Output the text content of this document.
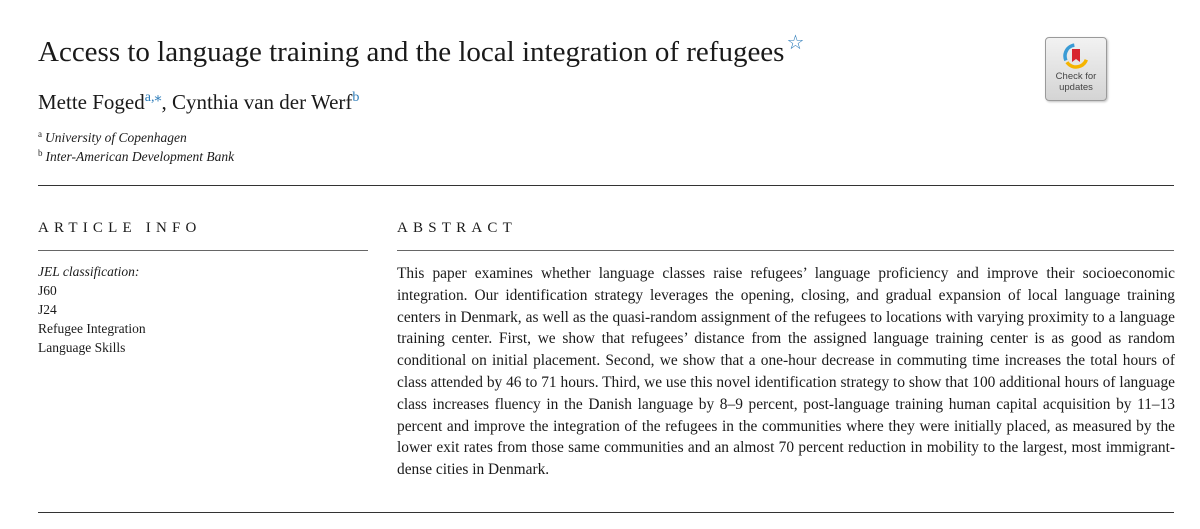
Access to language training and the local integration of refugees ☆
Mette Foged$^{a,⁎}$, Cynthia van der Werf$^b$
$^a$ University of Copenhagen
$^b$ Inter-American Development Bank
Check for
updates
ARTICLE INFO	ABSTRACT
JEL classification:
J60
J24
Refugee Integration
Language Skills

This paper examines whether language classes raise refugees’ language proficiency and improve their socioeconomic integration. Our identification strategy leverages the opening, closing, and gradual expansion of local language training centers in Denmark, as well as the quasi-random assignment of the refugees to locations with varying proximity to a language training center. First, we show that refugees’ distance from the assigned language training center is as good as random conditional on initial placement. Second, we show that a one-hour decrease in commuting time increases the total hours of class attended by 46 to 71 hours. Third, we use this novel identification strategy to show that 100 additional hours of language class increases fluency in the Danish language by 8–9 percent, post-language training human capital acquisition by 11–13 percent and improve the integration of the refugees in the communities where they were initially placed, as measured by the lower exit rates from those same communities and an almost 70 percent reduction in mobility to the largest, most immigrant-dense cities in Denmark.
